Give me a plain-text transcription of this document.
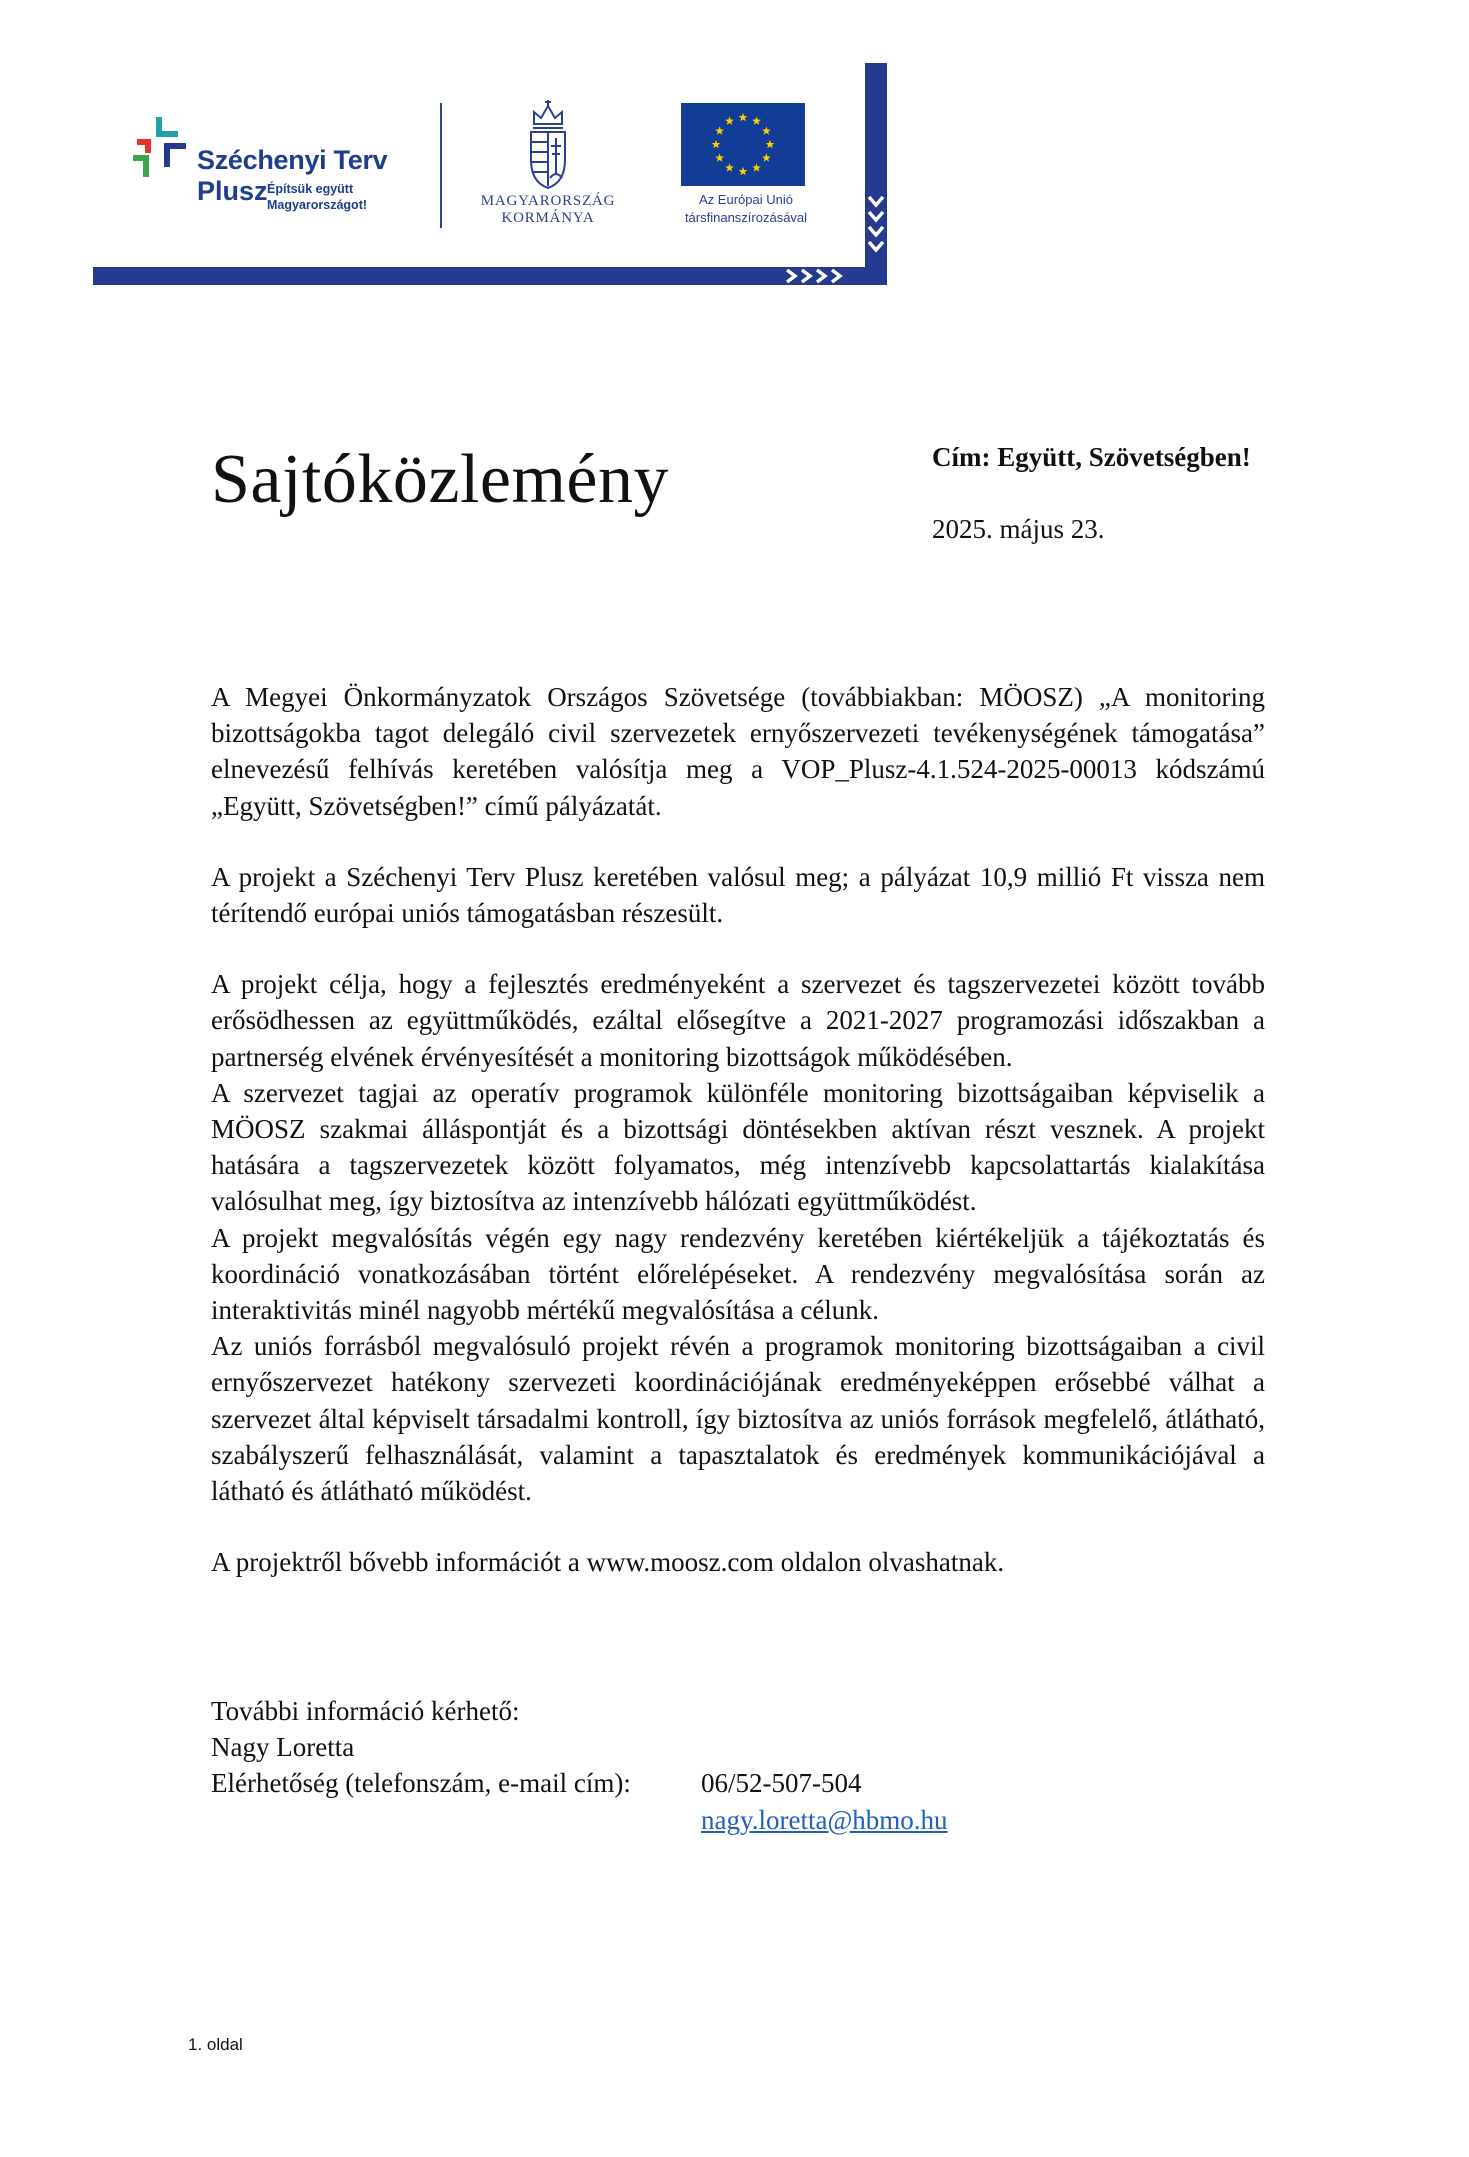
Széchenyi Terv
Plusz Építsük együtt
Magyarországot!	MAGYARORSZÁG
KORMÁNYA
Az Európai Unió
társfinanszírozásával
Sajtóközlemény	Cím: Együtt, Szövetségben!
2025. május 23.

A Megyei Önkormányzatok Országos Szövetsége (továbbiakban: MÖOSZ) „A monitoring bizottságokba tagot delegáló civil szervezetek ernyőszervezeti tevékenységének támogatása” elnevezésű felhívás keretében valósítja meg a VOP_Plusz-4.1.524-2025-00013 kódszámú „Együtt, Szövetségben!” című pályázatát.

A projekt a Széchenyi Terv Plusz keretében valósul meg; a pályázat 10,9 millió Ft vissza nem térítendő európai uniós támogatásban részesült.

A projekt célja, hogy a fejlesztés eredményeként a szervezet és tagszervezetei között tovább erősödhessen az együttműködés, ezáltal elősegítve a 2021-2027 programozási időszakban a partnerség elvének érvényesítését a monitoring bizottságok működésében.

A szervezet tagjai az operatív programok különféle monitoring bizottságaiban képviselik a MÖOSZ szakmai álláspontját és a bizottsági döntésekben aktívan részt vesznek. A projekt hatására a tagszervezetek között folyamatos, még intenzívebb kapcsolattartás kialakítása valósulhat meg, így biztosítva az intenzívebb hálózati együttműködést.

A projekt megvalósítás végén egy nagy rendezvény keretében kiértékeljük a tájékoztatás és koordináció vonatkozásában történt előrelépéseket. A rendezvény megvalósítása során az interaktivitás minél nagyobb mértékű megvalósítása a célunk.

Az uniós forrásból megvalósuló projekt révén a programok monitoring bizottságaiban a civil ernyőszervezet hatékony szervezeti koordinációjának eredményeképpen erősebbé válhat a szervezet által képviselt társadalmi kontroll, így biztosítva az uniós források megfelelő, átlátható, szabályszerű felhasználását, valamint a tapasztalatok és eredmények kommunikációjával a látható és átlátható működést.

A projektről bővebb információt a www.moosz.com oldalon olvashatnak.

További információ kérhető:
Nagy Loretta
Elérhetőség (telefonszám, e-mail cím):	06/52-507-504
nagy.loretta@hbmo.hu
1. oldal
